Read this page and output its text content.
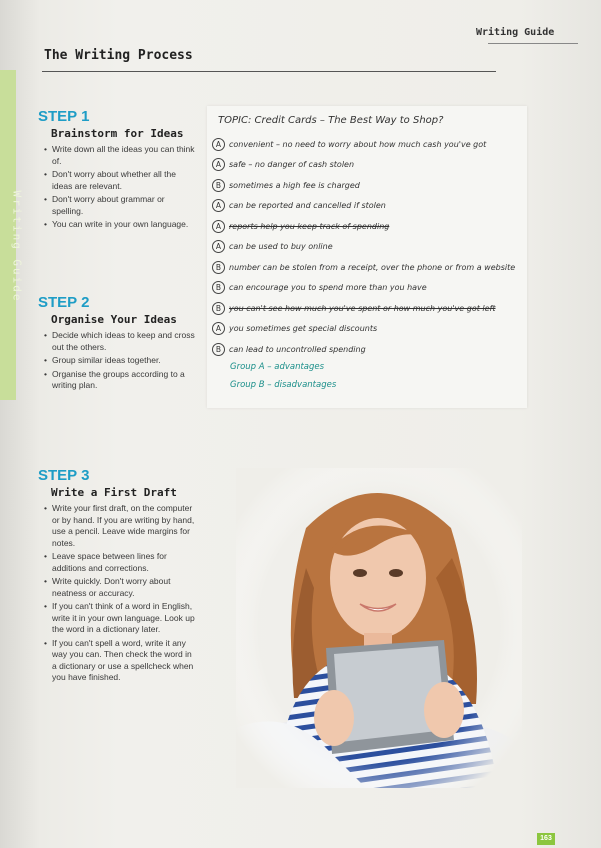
Writing Guide
Writing Guide
The Writing Process

STEP 1

Brainstorm for Ideas
• Write down all the ideas you can think of.
• Don't worry about whether all the ideas are relevant.
• Don't worry about grammar or spelling.
• You can write in your own language.

STEP 2

Organise Your Ideas
• Decide which ideas to keep and cross out the others.
• Group similar ideas together.
• Organise the groups according to a writing plan.

STEP 3

Write a First Draft
• Write your first draft, on the computer or by hand. If you are writing by hand, use a pencil. Leave wide margins for notes.
• Leave space between lines for additions and corrections.
• Write quickly. Don't worry about neatness or accuracy.
• If you can't think of a word in English, write it in your own language. Look up the word in a dictionary later.
• If you can't spell a word, write it any way you can. Then check the word in a dictionary or use a spellcheck when you have finished.
TOPIC: Credit Cards – The Best Way to Shop?
A convenient – no need to worry about how much cash you've got
A safe – no danger of cash stolen
B sometimes a high fee is charged
A can be reported and cancelled if stolen
A reports help you keep track of spending
A can be used to buy online
B number can be stolen from a receipt, over the phone or from a website
B can encourage you to spend more than you have
B you can't see how much you've spent or how much you've got left
A you sometimes get special discounts
B can lead to uncontrolled spending
Group A – advantages
Group B – disadvantages
163
